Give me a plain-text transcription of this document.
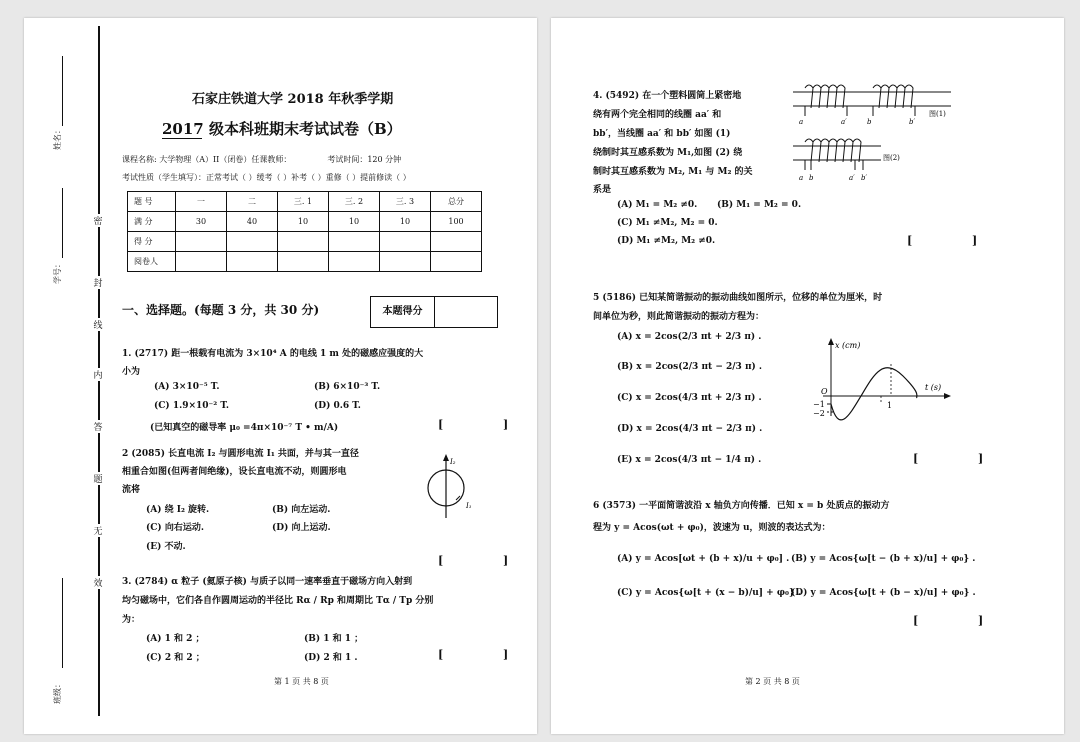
姓名：
学号：
班级：
密
封
线
内
答
题
无
效
石家庄铁道大学 2018 年秋季学期
2017 级本科班期末考试试卷（B）
课程名称: 大学物理（A）II（闭卷）任课教师：　　　　　考试时间：120 分钟
考试性质（学生填写）：正常考试（ ）缓考（ ）补考（ ）重修（ ）提前修读（ ）
题 号	一	二	三. 1	三. 2	三. 3	总分
满 分	30	40	10	10	10	100
得 分						
阅卷人						
一、选择题。(每题 3 分，共 30 分)	本题得分
1. (2717) 距一根载有电流为 3×10⁴ A 的电线 1 m 处的磁感应强度的大
小为
(A) 3×10⁻⁵ T.	(B) 6×10⁻³ T.
(C) 1.9×10⁻² T.	(D) 0.6 T.
(已知真空的磁导率 μ₀ =4π×10⁻⁷ T • m/A)	[ ]
2 (2085) 长直电流 I₂ 与圆形电流 I₁ 共面，并与其一直径
相重合如图(但两者间绝缘)，设长直电流不动，则圆形电
流将
(A) 绕 I₂ 旋转.	(B) 向左运动.
(C) 向右运动.	(D) 向上运动.
(E) 不动.
[ ]
I₂
I₁
3. (2784) α 粒子 (氦原子核) 与质子以同一速率垂直于磁场方向入射到
均匀磁场中，它们各自作圆周运动的半径比 Rα / Rp 和周期比 Tα / Tp 分别
为：
(A) 1 和 2 ；	(B) 1 和 1 ；
(C) 2 和 2 ；	(D) 2 和 1 .	[ ]
第 1 页 共 8 页
4. (5492) 在一个塑料圆筒上紧密地
绕有两个完全相同的线圈 aa′ 和
bb′，当线圈 aa′ 和 bb′ 如图 (1)
绕制时其互感系数为 M₁,如图 (2) 绕
制时其互感系数为 M₂, M₁ 与 M₂ 的关
系是
(A) M₁ = M₂ ≠0. (B) M₁ = M₂ = 0.
(C) M₁ ≠M₂, M₂ = 0.
(D) M₁ ≠M₂, M₂ ≠0.	[ ]
a	a′	b	b′
图(1)
a b	a′ b′
图(2)
5 (5186) 已知某简谐振动的振动曲线如图所示，位移的单位为厘米，时
间单位为秒，则此简谐振动的振动方程为：
(A) x = 2cos(2/3 πt + 2/3 π) .
(B) x = 2cos(2/3 πt − 2/3 π) .
(C) x = 2cos(4/3 πt + 2/3 π) .
(D) x = 2cos(4/3 πt − 2/3 π) .
(E) x = 2cos(4/3 πt − 1/4 π) .	[ ]
x (cm)
t (s)
O
−1
−2
1
6 (3573) 一平面简谐波沿 x 轴负方向传播．已知 x = b 处质点的振动方
程为 y = Acos(ωt + φ₀)，波速为 u，则波的表达式为：
(A) y = Acos[ωt + (b + x)/u + φ₀] . (B) y = Acos{ω[t − (b + x)/u] + φ₀} .
(C) y = Acos{ω[t + (x − b)/u] + φ₀} .
(D) y = Acos{ω[t + (b − x)/u] + φ₀} .
[ ]
第 2 页 共 8 页
